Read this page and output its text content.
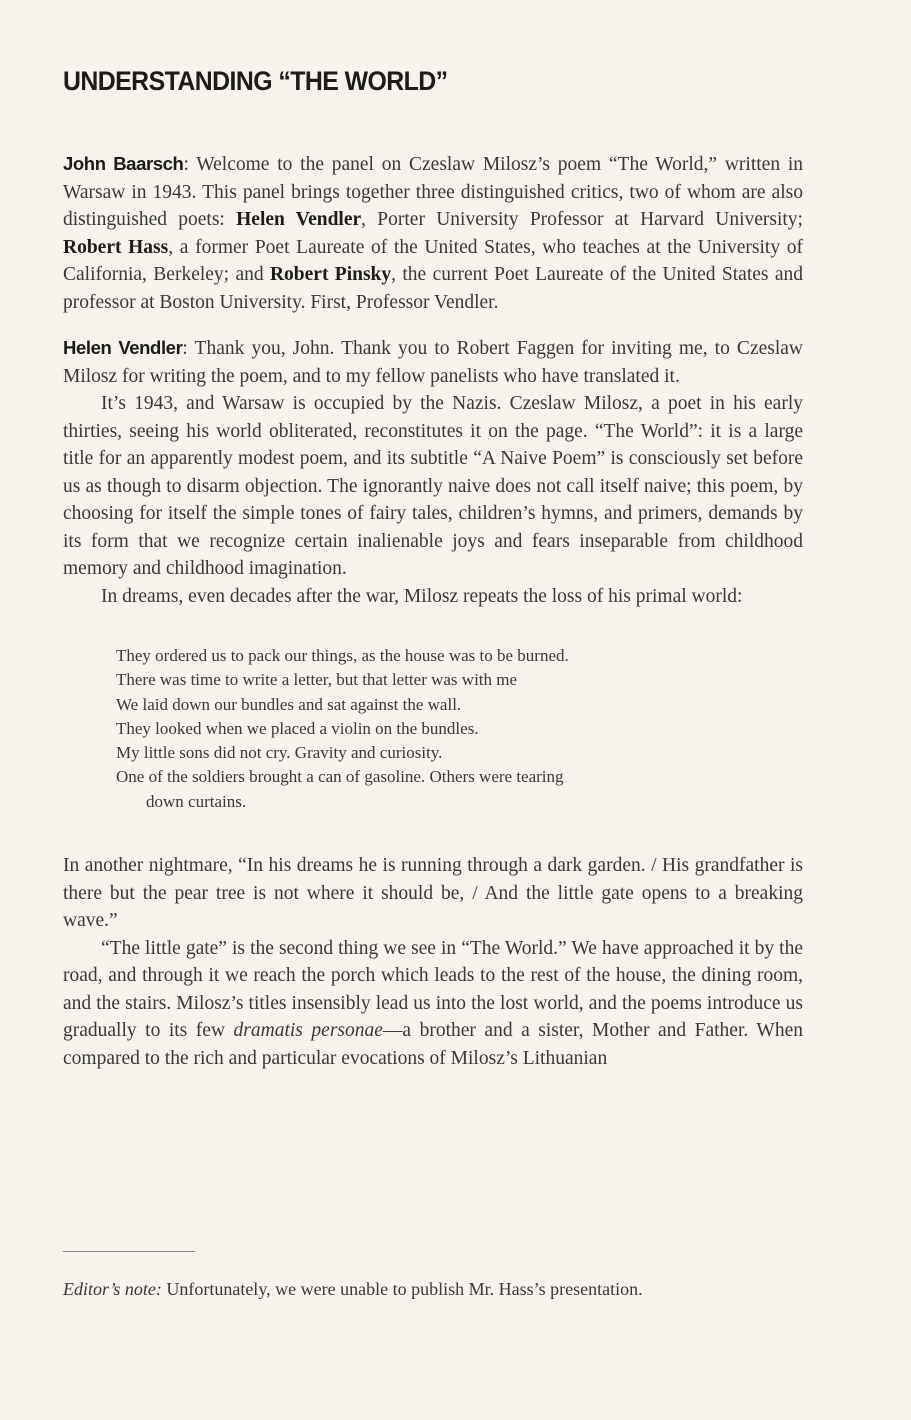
UNDERSTANDING “THE WORLD”

John Baarsch: Welcome to the panel on Czeslaw Milosz’s poem “The World,” written in Warsaw in 1943. This panel brings together three distinguished critics, two of whom are also distinguished poets: Helen Vendler, Porter University Professor at Harvard University; Robert Hass, a former Poet Laureate of the United States, who teaches at the University of California, Berkeley; and Robert Pinsky, the current Poet Laureate of the United States and professor at Boston University. First, Professor Vendler.

Helen Vendler: Thank you, John. Thank you to Robert Faggen for inviting me, to Czeslaw Milosz for writing the poem, and to my fellow panelists who have translated it.

It’s 1943, and Warsaw is occupied by the Nazis. Czeslaw Milosz, a poet in his early thirties, seeing his world obliterated, reconstitutes it on the page. “The World”: it is a large title for an apparently modest poem, and its subtitle “A Naive Poem” is consciously set before us as though to disarm objection. The ignorantly naive does not call itself naive; this poem, by choosing for itself the simple tones of fairy tales, children’s hymns, and primers, demands by its form that we recognize certain inalienable joys and fears inseparable from childhood memory and childhood imagination.

In dreams, even decades after the war, Milosz repeats the loss of his primal world:

They ordered us to pack our things, as the house was to be burned.
There was time to write a letter, but that letter was with me
We laid down our bundles and sat against the wall.
They looked when we placed a violin on the bundles.
My little sons did not cry. Gravity and curiosity.
One of the soldiers brought a can of gasoline. Others were tearing
down curtains.

In another nightmare, “In his dreams he is running through a dark garden. / His grandfather is there but the pear tree is not where it should be, / And the little gate opens to a breaking wave.”

“The little gate” is the second thing we see in “The World.” We have approached it by the road, and through it we reach the porch which leads to the rest of the house, the dining room, and the stairs. Milosz’s titles insensibly lead us into the lost world, and the poems introduce us gradually to its few dramatis personae—a brother and a sister, Mother and Father. When compared to the rich and particular evocations of Milosz’s Lithuanian

Editor’s note: Unfortunately, we were unable to publish Mr. Hass’s presentation.
